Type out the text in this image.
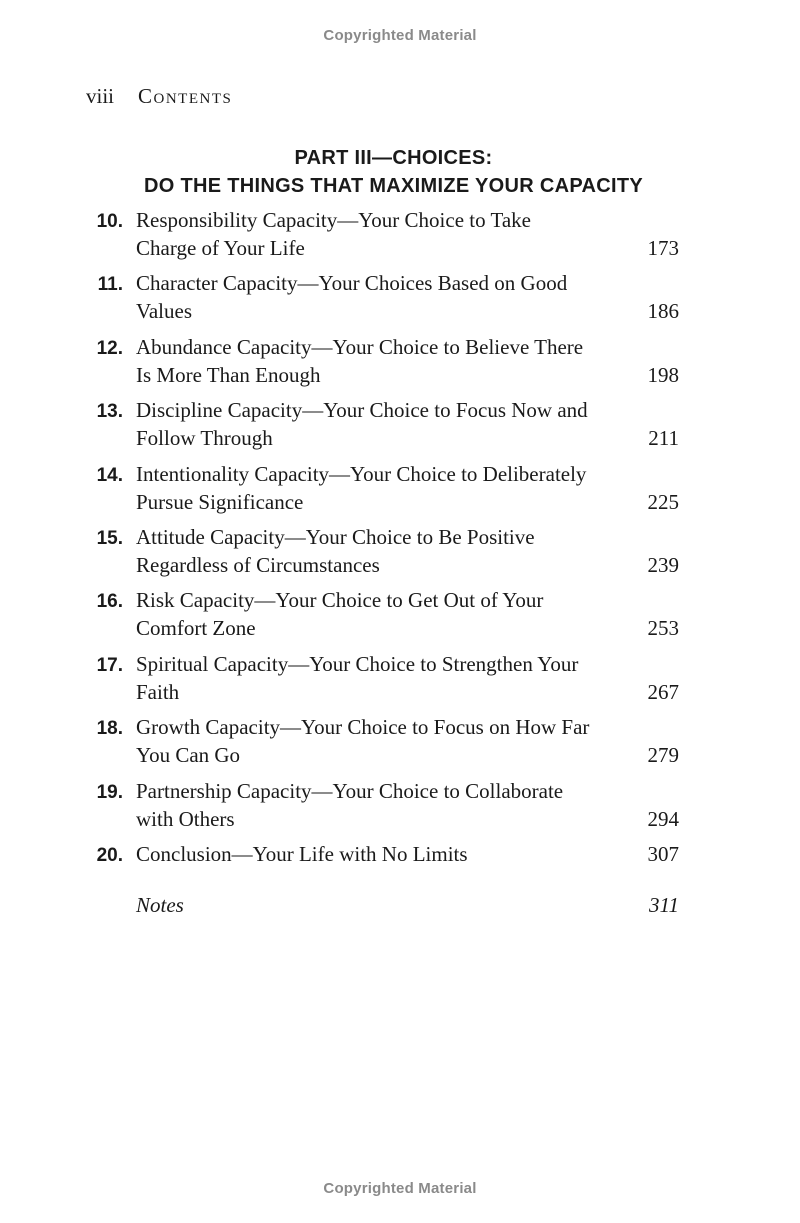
Copyrighted Material
viii Contents
PART III—CHOICES:
DO THE THINGS THAT MAXIMIZE YOUR CAPACITY
10. Responsibility Capacity—Your Choice to Take
Charge of Your Life	173
11. Character Capacity—Your Choices Based on Good
Values	186
12. Abundance Capacity—Your Choice to Believe There
Is More Than Enough	198
13. Discipline Capacity—Your Choice to Focus Now and
Follow Through	211
14. Intentionality Capacity—Your Choice to Deliberately
Pursue Significance	225
15. Attitude Capacity—Your Choice to Be Positive
Regardless of Circumstances	239
16. Risk Capacity—Your Choice to Get Out of Your
Comfort Zone	253
17. Spiritual Capacity—Your Choice to Strengthen Your
Faith	267
18. Growth Capacity—Your Choice to Focus on How Far
You Can Go	279
19. Partnership Capacity—Your Choice to Collaborate
with Others	294
20. Conclusion—Your Life with No Limits	307
Notes	311
Copyrighted Material
